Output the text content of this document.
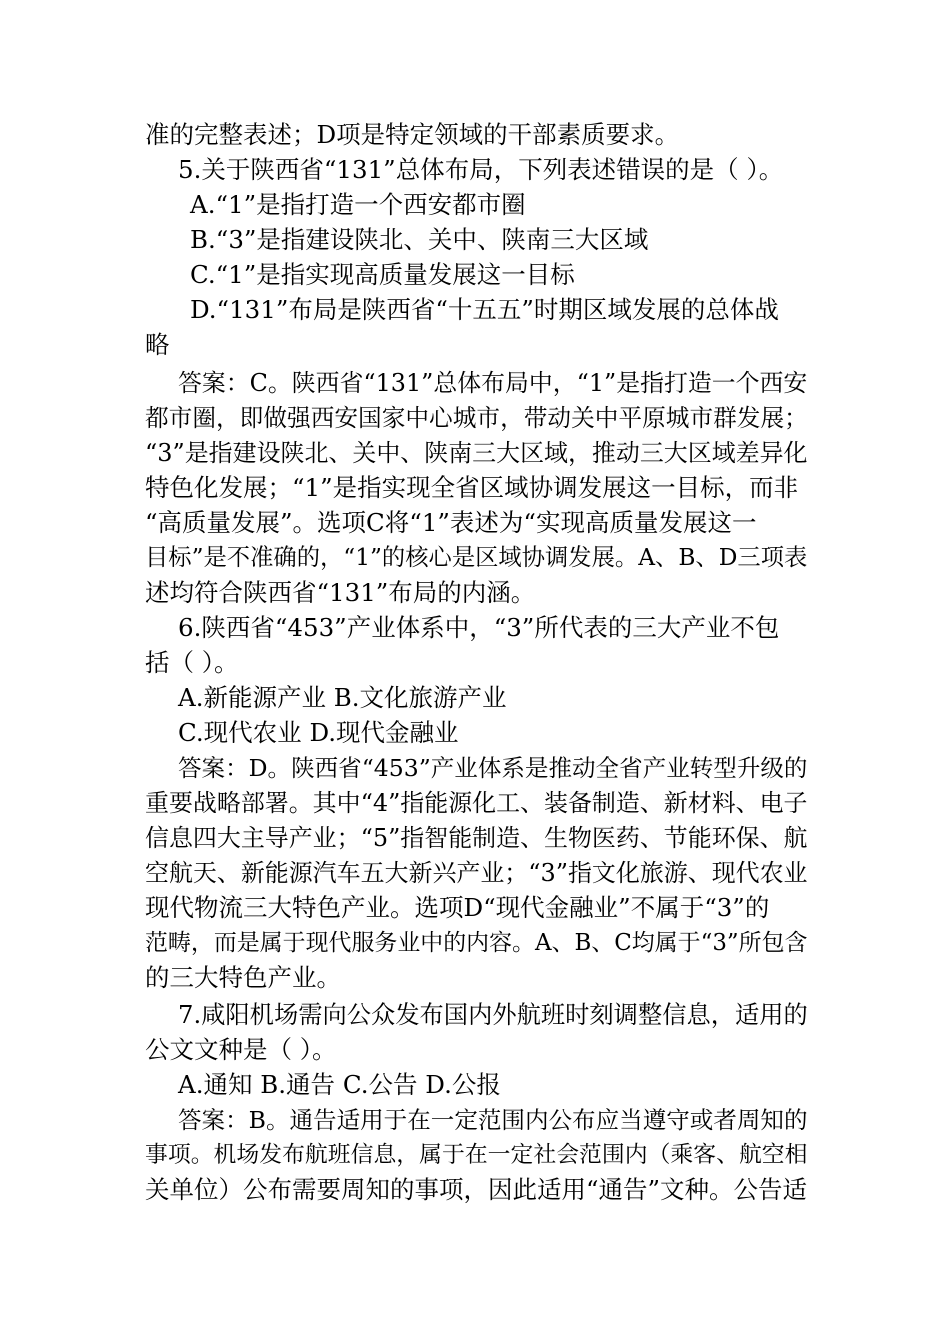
准的完整表述；D项是特定领域的干部素质要求。
5.关于陕西省“131”总体布局，下列表述错误的是（ ）。
A.“1”是指打造一个西安都市圈
B.“3”是指建设陕北、关中、陕南三大区域
C.“1”是指实现高质量发展这一目标
D.“131”布局是陕西省“十五五”时期区域发展的总体战
略
答案：C。陕西省“131”总体布局中，“1”是指打造一个西安
都市圈，即做强西安国家中心城市，带动关中平原城市群发展；
“3”是指建设陕北、关中、陕南三大区域，推动三大区域差异化
特色化发展；“1”是指实现全省区域协调发展这一目标，而非
“高质量发展”。选项C将“1”表述为“实现高质量发展这一
目标”是不准确的，“1”的核心是区域协调发展。A、B、D三项表
述均符合陕西省“131”布局的内涵。
6.陕西省“453”产业体系中，“3”所代表的三大产业不包
括（ ）。
A.新能源产业 B.文化旅游产业
C.现代农业 D.现代金融业
答案：D。陕西省“453”产业体系是推动全省产业转型升级的
重要战略部署。其中“4”指能源化工、装备制造、新材料、电子
信息四大主导产业；“5”指智能制造、生物医药、节能环保、航
空航天、新能源汽车五大新兴产业；“3”指文化旅游、现代农业
现代物流三大特色产业。选项D“现代金融业”不属于“3”的
范畴，而是属于现代服务业中的内容。A、B、C均属于“3”所包含
的三大特色产业。
7.咸阳机场需向公众发布国内外航班时刻调整信息，适用的
公文文种是（ ）。
A.通知 B.通告 C.公告 D.公报
答案：B。通告适用于在一定范围内公布应当遵守或者周知的
事项。机场发布航班信息，属于在一定社会范围内（乘客、航空相
关单位）公布需要周知的事项，因此适用“通告”文种。公告适
